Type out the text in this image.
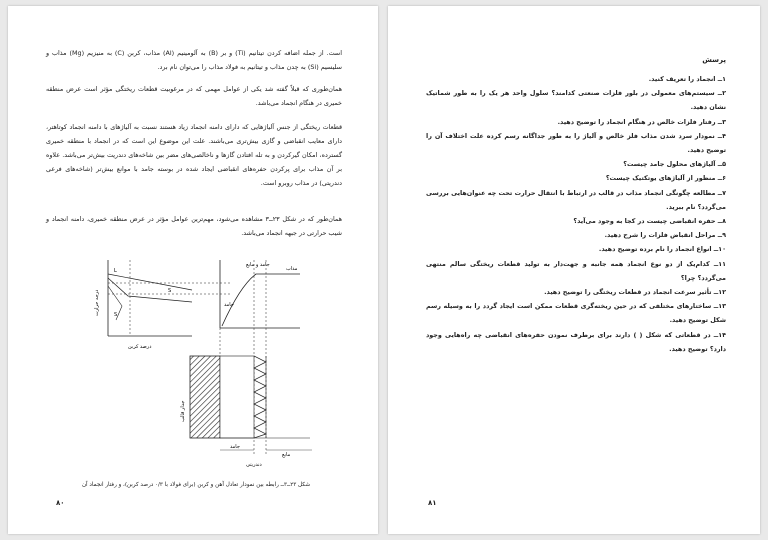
است. از جمله اضافه کردن تیتانیم (Ti) و بر (B) به آلومینیم (Al) مذاب، کربن (C) به منیزیم (Mg) مذاب و سلیسیم (Si) به چدن مذاب و تیتانیم به فولاد مذاب را می‌توان نام برد.

همان‌طوری که قبلاً گفته شد یکی از عوامل مهمی که در مرغوبیت قطعات ریختگی مؤثر است عرض منطقه خمیری در هنگام انجماد می‌باشد.

قطعات ریختگی از جنس آلیاژهایی که دارای دامنه انجماد زیاد هستند نسبت به آلیاژهای با دامنه انجماد کوتاهتر، دارای معایب انقباضی و گازی بیش‌تری می‌باشند. علت این موضوع این است که در انجماد با منطقه خمیری گسترده، امکان گیرکردن و به تله افتادن گازها و ناخالصی‌های مضر بین شاخه‌های دندریت بیش‌تر می‌باشد. علاوه بر آن مذاب برای پرکردن حفره‌های انقباضی ایجاد شده در بوسته جامد با موانع بیش‌تر (شاخه‌های فرعی دندریتی) در مذاب روبرو است.

همان‌طور که در شکل ۲۳ــ۳ مشاهده می‌شود، مهم‌ترین عوامل مؤثر در عرض منطقه خمیری، دامنه انجماد و شیب حرارتی در جبهه انجماد می‌باشد.

L
S
S
درجه حرارت
درصد کربن
جامد و مایع
مذاب
جامد
جدار قالب
جامد
مایع
دندریتی
شکل ۲۳ــ۳ــ رابطه بین نمودار تعادل آهن و کربن (برای فولاد با ۰/۳ درصد کربن)، و رفتار انجماد آن
۸۰
پرسش
۱ــ انجماد را تعریف کنید.
۲ــ سیستم‌های معمولی در بلور فلزات صنعتی کدامند؟ سلول واحد هر یک را به طور شماتیک نشان دهید.
۳ــ رفتار فلزات خالص در هنگام انجماد را توضیح دهید.
۴ــ نمودار سرد شدن مذاب فلز خالص و آلیاژ را به طور جداگانه رسم کرده علت اختلاف آن را توضیح دهید.
۵ــ آلیاژهای محلول جامد چیست؟
۶ــ منظور از آلیاژهای یوتکتیک چیست؟
۷ــ مطالعه چگونگی انجماد مذاب در قالب در ارتباط با انتقال حرارت تحت چه عنوان‌هایی بررسی می‌گردد؟ نام ببرید.
۸ــ حفره انقباضی چیست در کجا به وجود می‌آید؟
۹ــ مراحل انقباض فلزات را شرح دهید.
۱۰ــ انواع انجماد را نام برده توضیح دهید.
۱۱ــ کدام‌یک از دو نوع انجماد همه جانبه و جهت‌دار به تولید قطعات ریختگی سالم منتهی می‌گردد؟ چرا؟
۱۲ــ تأثیر سرعت انجماد در قطعات ریختگی را توضیح دهید.
۱۳ــ ساختارهای مختلفی که در حین ریخته‌گری قطعات ممکن است ایجاد گردد را به وسیله رسم شکل توضیح دهید.
۱۴ــ در قطعاتی که شکل ( ) دارند برای برطرف نمودن حفره‌های انقباضی چه راه‌هایی وجود دارد؟ توضیح دهید.
۸۱
